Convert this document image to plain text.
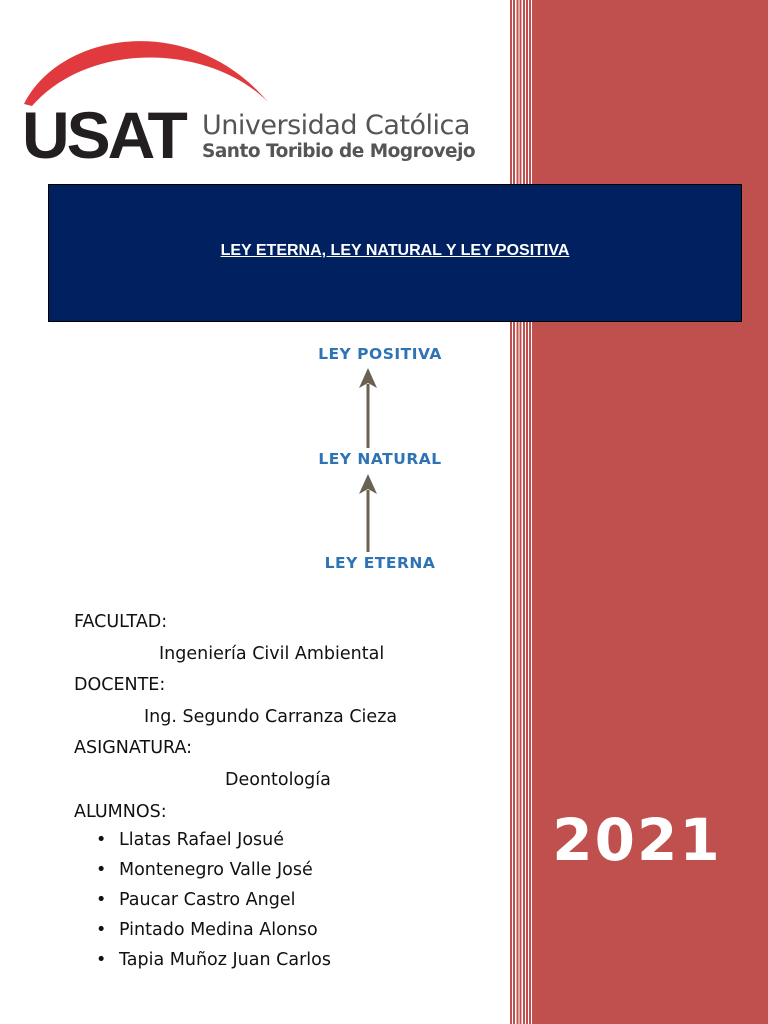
2021
USAT Universidad Católica
Santo Toribio de Mogrovejo
LEY ETERNA, LEY NATURAL Y LEY POSITIVA
LEY POSITIVA
LEY NATURAL
LEY ETERNA
FACULTAD:
Ingeniería Civil Ambiental
DOCENTE:
Ing. Segundo Carranza Cieza
ASIGNATURA:
Deontología
ALUMNOS:
• Llatas Rafael Josué
• Montenegro Valle José
• Paucar Castro Angel
• Pintado Medina Alonso
• Tapia Muñoz Juan Carlos
